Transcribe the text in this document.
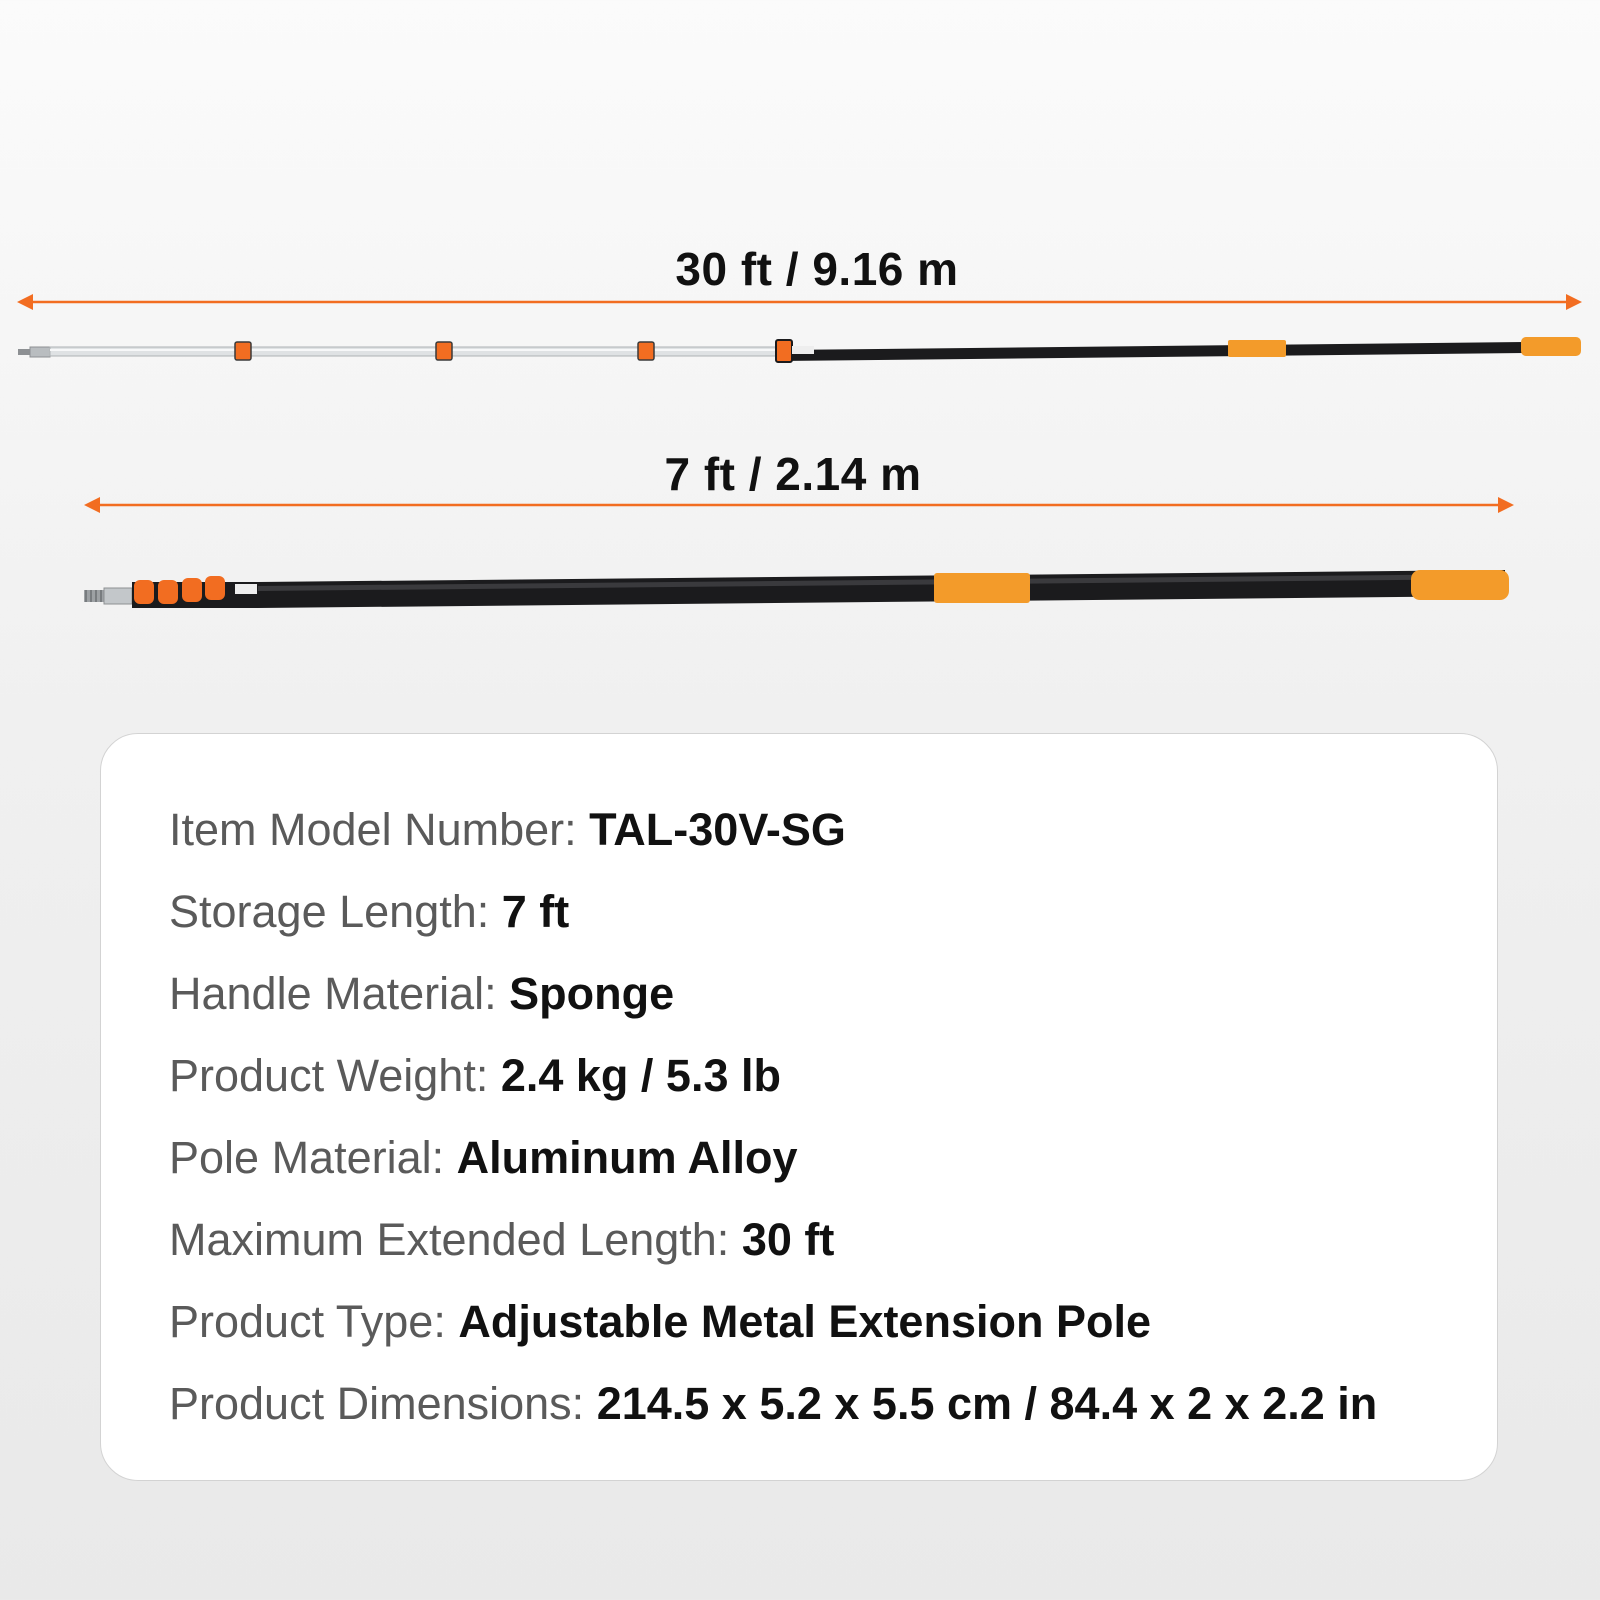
30 ft / 9.16 m
7 ft / 2.14 m
Item Model Number: TAL-30V-SG
Storage Length: 7 ft
Handle Material: Sponge
Product Weight: 2.4 kg / 5.3 lb
Pole Material: Aluminum Alloy
Maximum Extended Length: 30 ft
Product Type: Adjustable Metal Extension Pole
Product Dimensions: 214.5 x 5.2 x 5.5 cm / 84.4 x 2 x 2.2 in
